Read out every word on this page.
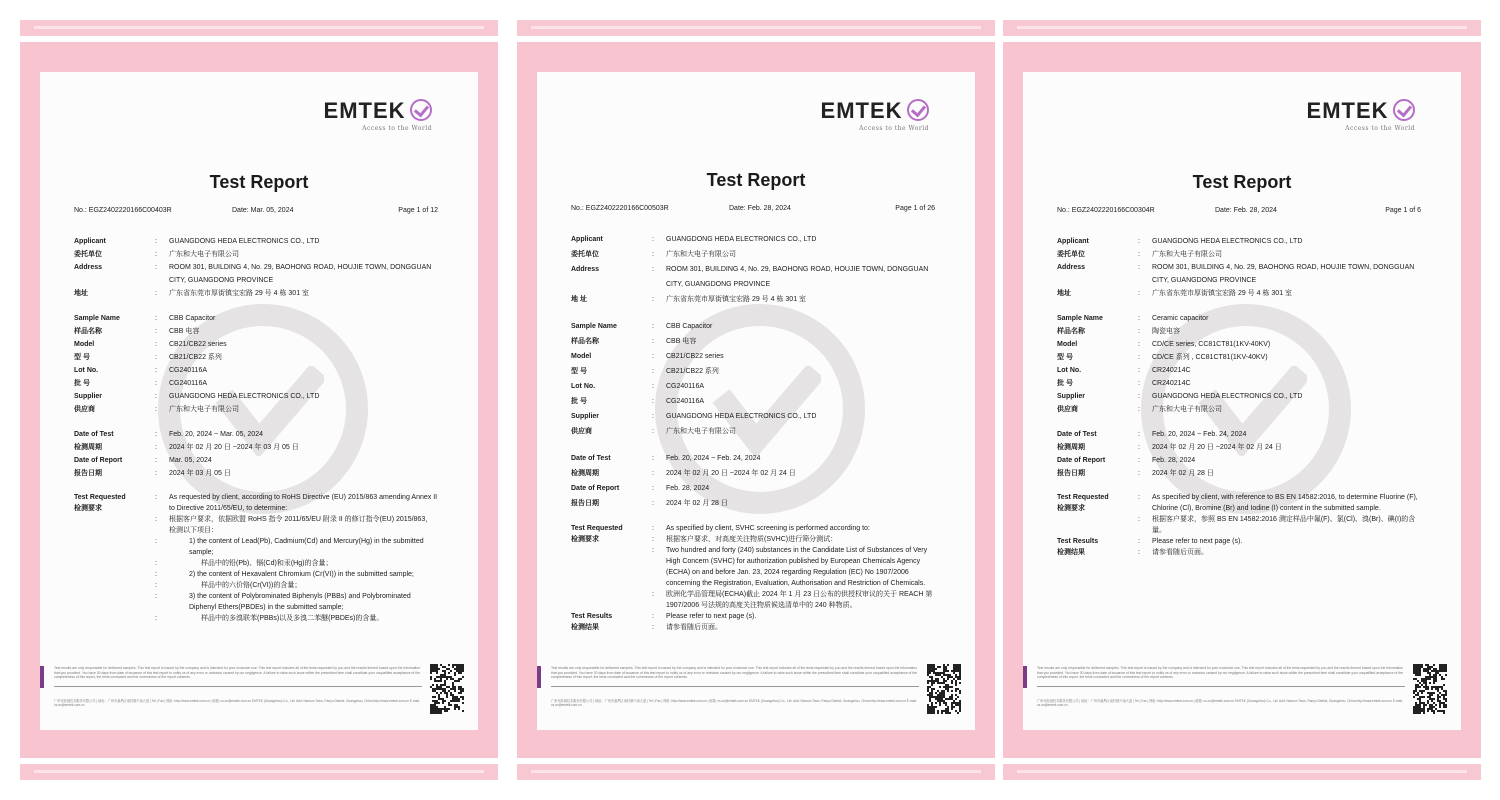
EMTEK
Access to the World
Test Report
No.: EGZ2402220166C00403R	Date: Mar. 05, 2024	Page 1 of 12
Applicant	: GUANGDONG HEDA ELECTRONICS CO., LTD
委托单位	: 广东和大电子有限公司
Address	: ROOM 301, BUILDING 4, No. 29, BAOHONG ROAD, HOUJIE TOWN, DONGGUAN CITY, GUANGDONG PROVINCE
地址	: 广东省东莞市厚街镇宝宏路 29 号 4 栋 301 室
Sample Name	: CBB Capacitor
样品名称	: CBB 电容
Model	: CB21/CB22 series
型 号	: CB21/CB22 系列
Lot No.	: CG240116A
批 号	: CG240116A
Supplier	: GUANGDONG HEDA ELECTRONICS CO., LTD
供应商	: 广东和大电子有限公司
Date of Test	: Feb. 20, 2024 ~ Mar. 05, 2024
检测周期	: 2024 年 02 月 20 日 ~2024 年 03 月 05 日
Date of Report	: Mar. 05, 2024
报告日期	: 2024 年 03 月 05 日
Test Requested
检测要求
: As requested by client, according to RoHS Directive (EU) 2015/863 amending Annex II to Directive 2011/65/EU, to determine:
: 根据客户要求，依据欧盟 RoHS 指令 2011/65/EU 附录 II 的修订指令(EU) 2015/863，检测以下项目：
: 1) the content of Lead(Pb), Cadmium(Cd) and Mercury(Hg) in the submitted sample;
: 样品中的铅(Pb)、镉(Cd)和汞(Hg)的含量；
: 2) the content of Hexavalent Chromium (Cr(VI)) in the submitted sample;
: 样品中的六价铬(Cr(VI))的含量；
: 3) the content of Polybrominated Biphenyls (PBBs) and Polybrominated Diphenyl Ethers(PBDEs) in the submitted sample;
: 样品中的多溴联苯(PBBs)以及多溴二苯醚(PBDEs)的含量。
Test results are only responsible for delivered samples. This test report is issued by the company and is intended for your exclusive use. This test report includes all of the tests requested by you and the results thereof based upon the information that you provided. You have 30 days from date of issuance of this test report to notify us of any error or omission caused by our negligence. A failure to raise such issue within the prescribed time shall constitute your unqualified acceptance of the completeness of this report, the tests conducted and the correctness of the report contents.
广州邦检测技术服务有限公司 | 地址：广州市番禺区南村镇兴南大道 | Tel | Fax | 网址: http://www.emtek.com.cn | 邮箱: cs.cn@emtek.com.cn EMTEK (Guangzhou) Co., Ltd. Add: Nancun Town, Panyu District, Guangzhou, China http://www.emtek.com.cn E-mail: cs.cn@emtek.com.cn
EMTEK
Access to the World
Test Report
No.: EGZ2402220166C00503R	Date: Feb. 28, 2024	Page 1 of 26
Applicant	: GUANGDONG HEDA ELECTRONICS CO., LTD
委托单位	: 广东和大电子有限公司
Address	: ROOM 301, BUILDING 4, No. 29, BAOHONG ROAD, HOUJIE TOWN, DONGGUAN CITY, GUANGDONG PROVINCE
地 址	: 广东省东莞市厚街镇宝宏路 29 号 4 栋 301 室
Sample Name	: CBB Capacitor
样品名称	: CBB 电容
Model	: CB21/CB22 series
型 号	: CB21/CB22 系列
Lot No.	: CG240116A
批 号	: CG240116A
Supplier	: GUANGDONG HEDA ELECTRONICS CO., LTD
供应商	: 广东和大电子有限公司
Date of Test	: Feb. 20, 2024 ~ Feb. 24, 2024
检测周期	: 2024 年 02 月 20 日 ~2024 年 02 月 24 日
Date of Report	: Feb. 28, 2024
报告日期	: 2024 年 02 月 28 日
Test Requested
检测要求
: As specified by client, SVHC screening is performed according to:
: 根据客户要求，对高度关注物质(SVHC)进行筛分测试：
: Two hundred and forty (240) substances in the Candidate List of Substances of Very High Concern (SVHC) for authorization published by European Chemicals Agency (ECHA) on and before Jan. 23, 2024 regarding Regulation (EC) No 1907/2006 concerning the Registration, Evaluation, Authorisation and Restriction of Chemicals.
: 欧洲化学品管理局(ECHA)截止 2024 年 1 月 23 日公布的供授权审议的关于 REACH 第 1907/2006 号法规的高度关注物质候选清单中的 240 种物质。
Test Results
检测结果
: Please refer to next page (s).
: 请参看随后页面。
Test results are only responsible for delivered samples. This test report is issued by the company and is intended for your exclusive use. This test report includes all of the tests requested by you and the results thereof based upon the information that you provided. You have 30 days from date of issuance of this test report to notify us of any error or omission caused by our negligence. A failure to raise such issue within the prescribed time shall constitute your unqualified acceptance of the completeness of this report, the tests conducted and the correctness of the report contents.
广州邦检测技术服务有限公司 | 地址：广州市番禺区南村镇兴南大道 | Tel | Fax | 网址: http://www.emtek.com.cn | 邮箱: cs.cn@emtek.com.cn EMTEK (Guangzhou) Co., Ltd. Add: Nancun Town, Panyu District, Guangzhou, China http://www.emtek.com.cn E-mail: cs.cn@emtek.com.cn
EMTEK
Access to the World
Test Report
No.: EGZ2402220166C00304R	Date: Feb. 28, 2024	Page 1 of 6
Applicant	: GUANGDONG HEDA ELECTRONICS CO., LTD
委托单位	: 广东和大电子有限公司
Address	: ROOM 301, BUILDING 4, No. 29, BAOHONG ROAD, HOUJIE TOWN, DONGGUAN CITY, GUANGDONG PROVINCE
地址	: 广东省东莞市厚街镇宝宏路 29 号 4 栋 301 室
Sample Name	: Ceramic capacitor
样品名称	: 陶瓷电容
Model	: CD/CE series, CC81CT81(1KV-40KV)
型 号	: CD/CE 系列 , CC81CT81(1KV-40KV)
Lot No.	: CR240214C
批 号	: CR240214C
Supplier	: GUANGDONG HEDA ELECTRONICS CO., LTD
供应商	: 广东和大电子有限公司
Date of Test	: Feb. 20, 2024 ~ Feb. 24, 2024
检测周期	: 2024 年 02 月 20 日 ~2024 年 02 月 24 日
Date of Report	: Feb. 28, 2024
报告日期	: 2024 年 02 月 28 日
Test Requested
检测要求
: As specified by client, with reference to BS EN 14582:2016, to determine Fluorine (F), Chlorine (Cl), Bromine (Br) and Iodine (I) content in the submitted sample.
: 根据客户要求，参照 BS EN 14582:2016 测定样品中氟(F)、氯(Cl)、溴(Br)、碘(I)的含量。
Test Results
检测结果
: Please refer to next page (s).
: 请参看随后页面。
Test results are only responsible for delivered samples. This test report is issued by the company and is intended for your exclusive use. This test report includes all of the tests requested by you and the results thereof based upon the information that you provided. You have 30 days from date of issuance of this test report to notify us of any error or omission caused by our negligence. A failure to raise such issue within the prescribed time shall constitute your unqualified acceptance of the completeness of this report, the tests conducted and the correctness of the report contents.
广州邦检测技术服务有限公司 | 地址：广州市番禺区南村镇兴南大道 | Tel | Fax | 网址: http://www.emtek.com.cn | 邮箱: cs.cn@emtek.com.cn EMTEK (Guangzhou) Co., Ltd. Add: Nancun Town, Panyu District, Guangzhou, China http://www.emtek.com.cn E-mail: cs.cn@emtek.com.cn
